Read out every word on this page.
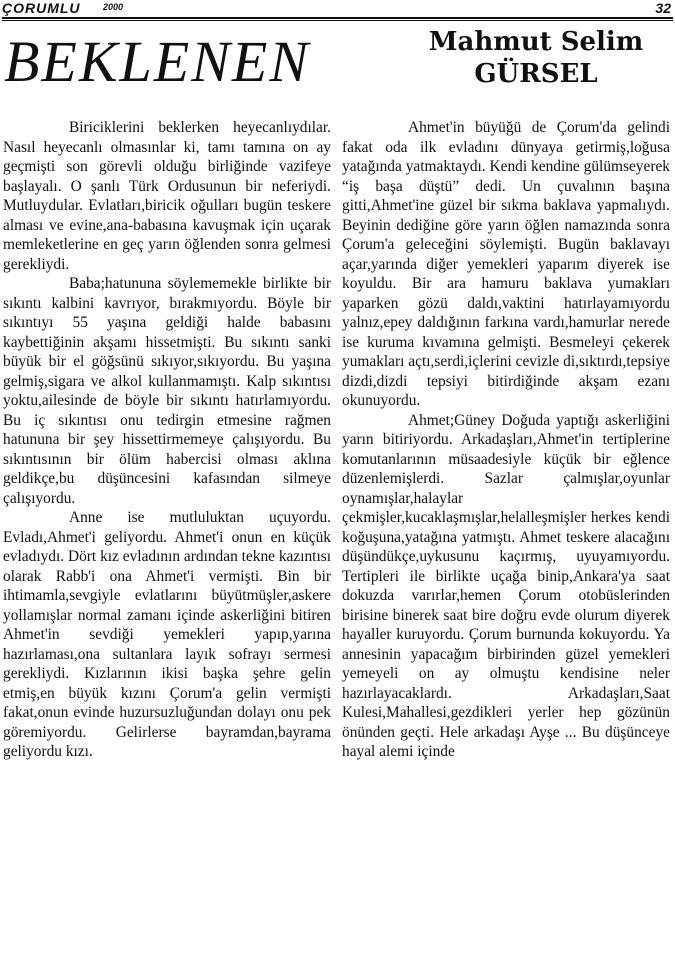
ÇORUMLU 2000	32
BEKLENEN	Mahmut Selim
GÜRSEL

Biriciklerini beklerken heyecanlıydılar. Nasıl heyecanlı olmasınlar ki, tamı tamına on ay geçmişti son görevli olduğu birliğinde vazifeye başlayalı. O şanlı Türk Ordusunun bir neferiydi. Mutluydular. Evlatları,biricik oğulları bugün teskere alması ve evine,ana-babasına kavuşmak için uçarak memleketlerine en geç yarın öğlenden sonra gelmesi gerekliydi.

Baba;hatununa söylememekle birlikte bir sıkıntı kalbini kavrıyor, bırakmıyordu. Böyle bir sıkıntıyı 55 yaşına geldiği halde babasını kaybettiğinin akşamı hissetmişti. Bu sıkıntı sanki büyük bir el göğsünü sıkıyor,sıkıyordu. Bu yaşına gelmiş,sigara ve alkol kullanmamıştı. Kalp sıkıntısı yoktu,ailesinde de böyle bir sıkıntı hatırlamıyordu. Bu iç sıkıntısı onu tedirgin etmesine rağmen hatununa bir şey hissettirmemeye çalışıyordu. Bu sıkıntısının bir ölüm habercisi olması aklına geldikçe,bu düşüncesini kafasından silmeye çalışıyordu.

Anne ise mutluluktan uçuyordu. Evladı,Ahmet'i geliyordu. Ahmet'i onun en küçük evladıydı. Dört kız evladının ardından tekne kazıntısı olarak Rabb'i ona Ahmet'i vermişti. Bin bir ihtimamla,sevgiyle evlatlarını büyütmüşler,askere yollamışlar normal zamanı içinde askerliğini bitiren Ahmet'in sevdiği yemekleri yapıp,yarına hazırlaması,ona sultanlara layık sofrayı sermesi gerekliydi. Kızlarının ikisi başka şehre gelin etmiş,en büyük kızını Çorum'a gelin vermişti fakat,onun evinde huzursuzluğundan dolayı onu pek göremiyordu. Gelirlerse bayramdan,bayrama geliyordu kızı.

Ahmet'in büyüğü de Çorum'da gelindi fakat oda ilk evladını dünyaya getirmiş,loğusa yatağında yatmaktaydı. Kendi kendine gülümseyerek “iş başa düştü” dedi. Un çuvalının başına gitti,Ahmet'ine güzel bir sıkma baklava yapmalıydı. Beyinin dediğine göre yarın öğlen namazında sonra Çorum'a geleceğini söylemişti. Bugün baklavayı açar,yarında diğer yemekleri yaparım diyerek ise koyuldu. Bir ara hamuru baklava yumakları yaparken gözü daldı,vaktini hatırlayamıyordu yalnız,epey daldığının farkına vardı,hamurlar nerede ise kuruma kıvamına gelmişti. Besmeleyi çekerek yumakları açtı,serdi,içlerini cevizle di,sıktırdı,tepsiye dizdi,dizdi tepsiyi bitirdiğinde akşam ezanı okunuyordu.

Ahmet;Güney Doğuda yaptığı askerliğini yarın bitiriyordu. Arkadaşları,Ahmet'in tertiplerine komutanlarının müsaadesiyle küçük bir eğlence düzenlemişlerdi. Sazlar çalmışlar,oyunlar oynamışlar,halaylar çekmişler,kucaklaşmışlar,helalleşmişler herkes kendi koğuşuna,yatağına yatmıştı. Ahmet teskere alacağını düşündükçe,uykusunu kaçırmış, uyuyamıyordu. Tertipleri ile birlikte uçağa binip,Ankara'ya saat dokuzda varırlar,hemen Çorum otobüslerinden birisine binerek saat bire doğru evde olurum diyerek hayaller kuruyordu. Çorum burnunda kokuyordu. Ya annesinin yapacağım birbirinden güzel yemekleri yemeyeli on ay olmuştu kendisine neler hazırlayacaklardı. Arkadaşları,Saat Kulesi,Mahallesi,gezdikleri yerler hep gözünün önünden geçti. Hele arkadaşı Ayşe ... Bu düşünceye hayal alemi içinde
